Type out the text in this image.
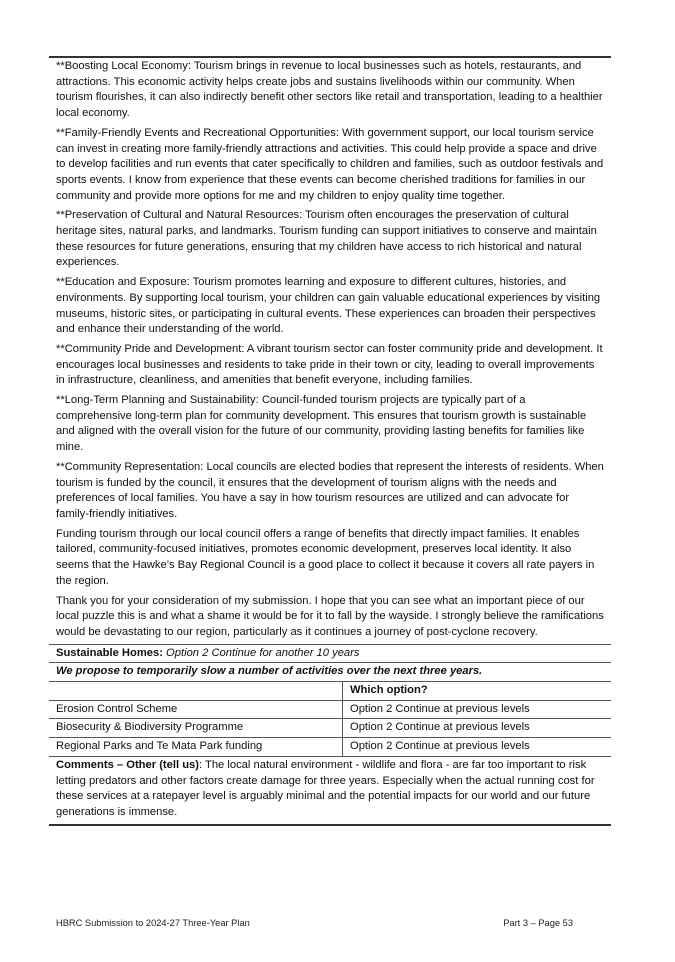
**Boosting Local Economy: Tourism brings in revenue to local businesses such as hotels, restaurants, and attractions. This economic activity helps create jobs and sustains livelihoods within our community. When tourism flourishes, it can also indirectly benefit other sectors like retail and transportation, leading to a healthier local economy.

**Family-Friendly Events and Recreational Opportunities: With government support, our local tourism service can invest in creating more family-friendly attractions and activities. This could help provide a space and drive to develop facilities and run events that cater specifically to children and families, such as outdoor festivals and sports events. I know from experience that these events can become cherished traditions for families in our community and provide more options for me and my children to enjoy quality time together.

**Preservation of Cultural and Natural Resources: Tourism often encourages the preservation of cultural heritage sites, natural parks, and landmarks. Tourism funding can support initiatives to conserve and maintain these resources for future generations, ensuring that my children have access to rich historical and natural experiences.

**Education and Exposure: Tourism promotes learning and exposure to different cultures, histories, and environments. By supporting local tourism, your children can gain valuable educational experiences by visiting museums, historic sites, or participating in cultural events. These experiences can broaden their perspectives and enhance their understanding of the world.

**Community Pride and Development: A vibrant tourism sector can foster community pride and development. It encourages local businesses and residents to take pride in their town or city, leading to overall improvements in infrastructure, cleanliness, and amenities that benefit everyone, including families.

**Long-Term Planning and Sustainability: Council-funded tourism projects are typically part of a comprehensive long-term plan for community development. This ensures that tourism growth is sustainable and aligned with the overall vision for the future of our community, providing lasting benefits for families like mine.

**Community Representation: Local councils are elected bodies that represent the interests of residents. When tourism is funded by the council, it ensures that the development of tourism aligns with the needs and preferences of local families. You have a say in how tourism resources are utilized and can advocate for family-friendly initiatives.

Funding tourism through our local council offers a range of benefits that directly impact families. It enables tailored, community-focused initiatives, promotes economic development, preserves local identity. It also seems that the Hawke’s Bay Regional Council is a good place to collect it because it covers all rate payers in the region.

Thank you for your consideration of my submission. I hope that you can see what an important piece of our local puzzle this is and what a shame it would be for it to fall by the wayside. I strongly believe the ramifications would be devastating to our region, particularly as it continues a journey of post-cyclone recovery.

Sustainable Homes: Option 2 Continue for another 10 years
We propose to temporarily slow a number of activities over the next three years.
	Which option?
Erosion Control Scheme	Option 2 Continue at previous levels
Biosecurity & Biodiversity Programme	Option 2 Continue at previous levels
Regional Parks and Te Mata Park funding	Option 2 Continue at previous levels
Comments – Other (tell us): The local natural environment - wildlife and flora - are far too important to risk letting predators and other factors create damage for three years. Especially when the actual running cost for these services at a ratepayer level is arguably minimal and the potential impacts for our world and our future generations is immense.
HBRC Submission to 2024-27 Three-Year Plan	Part 3 – Page 53
